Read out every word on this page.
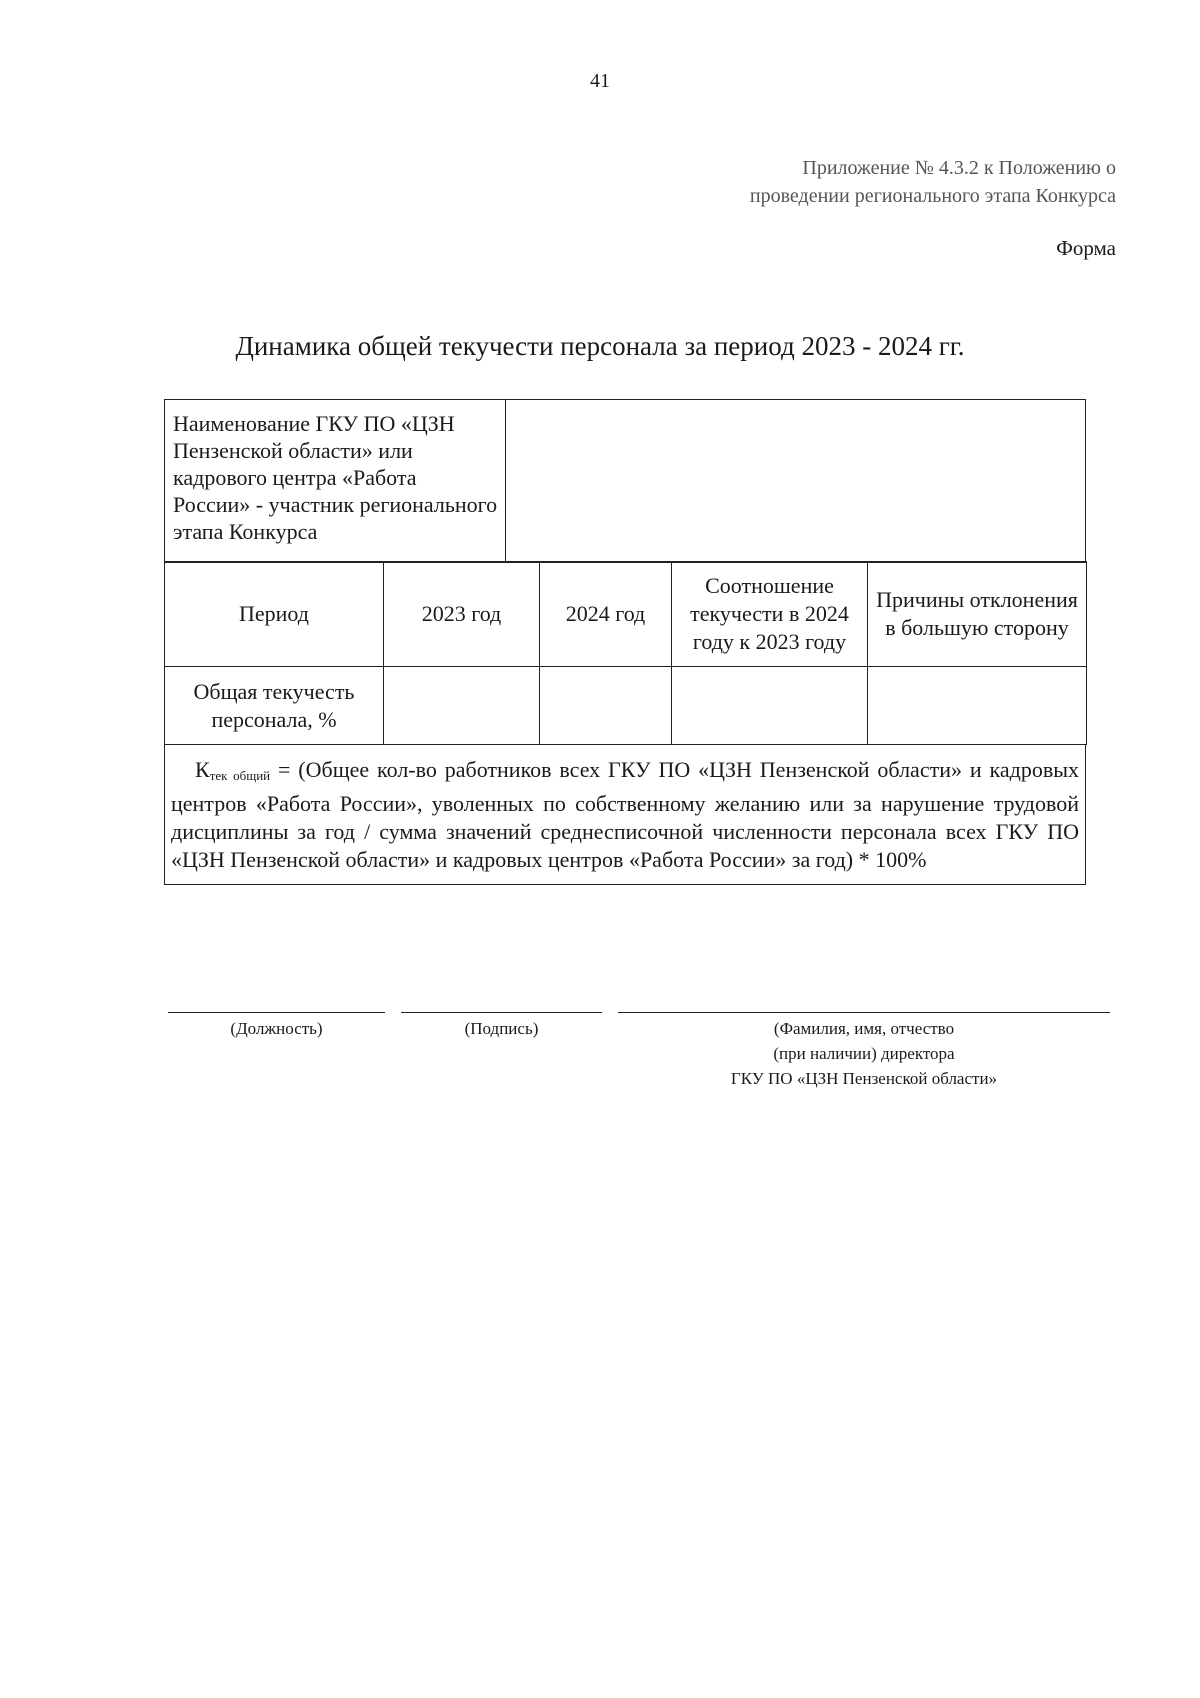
41
Приложение № 4.3.2 к Положению о
проведении регионального этапа Конкурса
Форма
Динамика общей текучести персонала за период 2023 - 2024 гг.
Наименование ГКУ ПО «ЦЗН Пензенской области» или кадрового центра «Работа России» - участник регионального этапа Конкурса
Период	2023 год	2024 год	Соотношение текучести в 2024 году к 2023 году	Причины отклонения в большую сторону
Общая текучесть персонала, %				
Ктек общий = (Общее кол-во работников всех ГКУ ПО «ЦЗН Пензенской области» и кадровых центров «Работа России», уволенных по собственному желанию или за нарушение трудовой дисциплины за год / сумма значений среднесписочной численности персонала всех ГКУ ПО «ЦЗН Пензенской области» и кадровых центров «Работа России» за год) * 100%
(Должность)	(Подпись)	(Фамилия, имя, отчество
(при наличии) директора
ГКУ ПО «ЦЗН Пензенской области»
